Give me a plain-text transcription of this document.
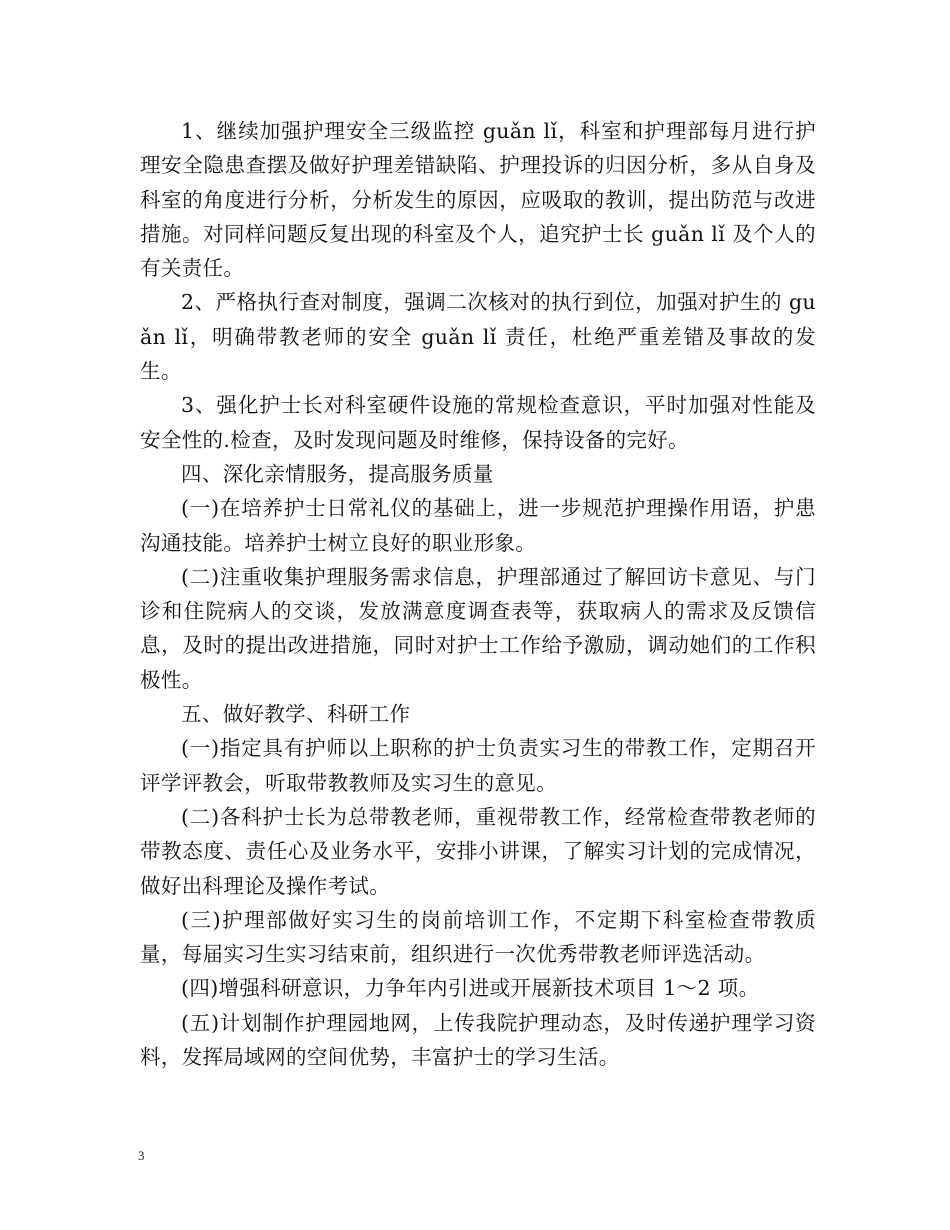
1、继续加强护理安全三级监控 guǎn lǐ，科室和护理部每月进行护理安全隐患查摆及做好护理差错缺陷、护理投诉的归因分析，多从自身及科室的角度进行分析，分析发生的原因，应吸取的教训，提出防范与改进措施。对同样问题反复出现的科室及个人，追究护士长 guǎn lǐ 及个人的有关责任。

2、严格执行查对制度，强调二次核对的执行到位，加强对护生的 guǎn lǐ，明确带教老师的安全 guǎn lǐ 责任，杜绝严重差错及事故的发生。

3、强化护士长对科室硬件设施的常规检查意识，平时加强对性能及安全性的.检查，及时发现问题及时维修，保持设备的完好。

四、深化亲情服务，提高服务质量

(一)在培养护士日常礼仪的基础上，进一步规范护理操作用语，护患沟通技能。培养护士树立良好的职业形象。

(二)注重收集护理服务需求信息，护理部通过了解回访卡意见、与门诊和住院病人的交谈，发放满意度调查表等，获取病人的需求及反馈信息，及时的提出改进措施，同时对护士工作给予激励，调动她们的工作积极性。

五、做好教学、科研工作

(一)指定具有护师以上职称的护士负责实习生的带教工作，定期召开评学评教会，听取带教教师及实习生的意见。

(二)各科护士长为总带教老师，重视带教工作，经常检查带教老师的带教态度、责任心及业务水平，安排小讲课，了解实习计划的完成情况，做好出科理论及操作考试。

(三)护理部做好实习生的岗前培训工作，不定期下科室检查带教质量，每届实习生实习结束前，组织进行一次优秀带教老师评选活动。

(四)增强科研意识，力争年内引进或开展新技术项目 1～2 项。

(五)计划制作护理园地网，上传我院护理动态，及时传递护理学习资料，发挥局域网的空间优势，丰富护士的学习生活。

3
